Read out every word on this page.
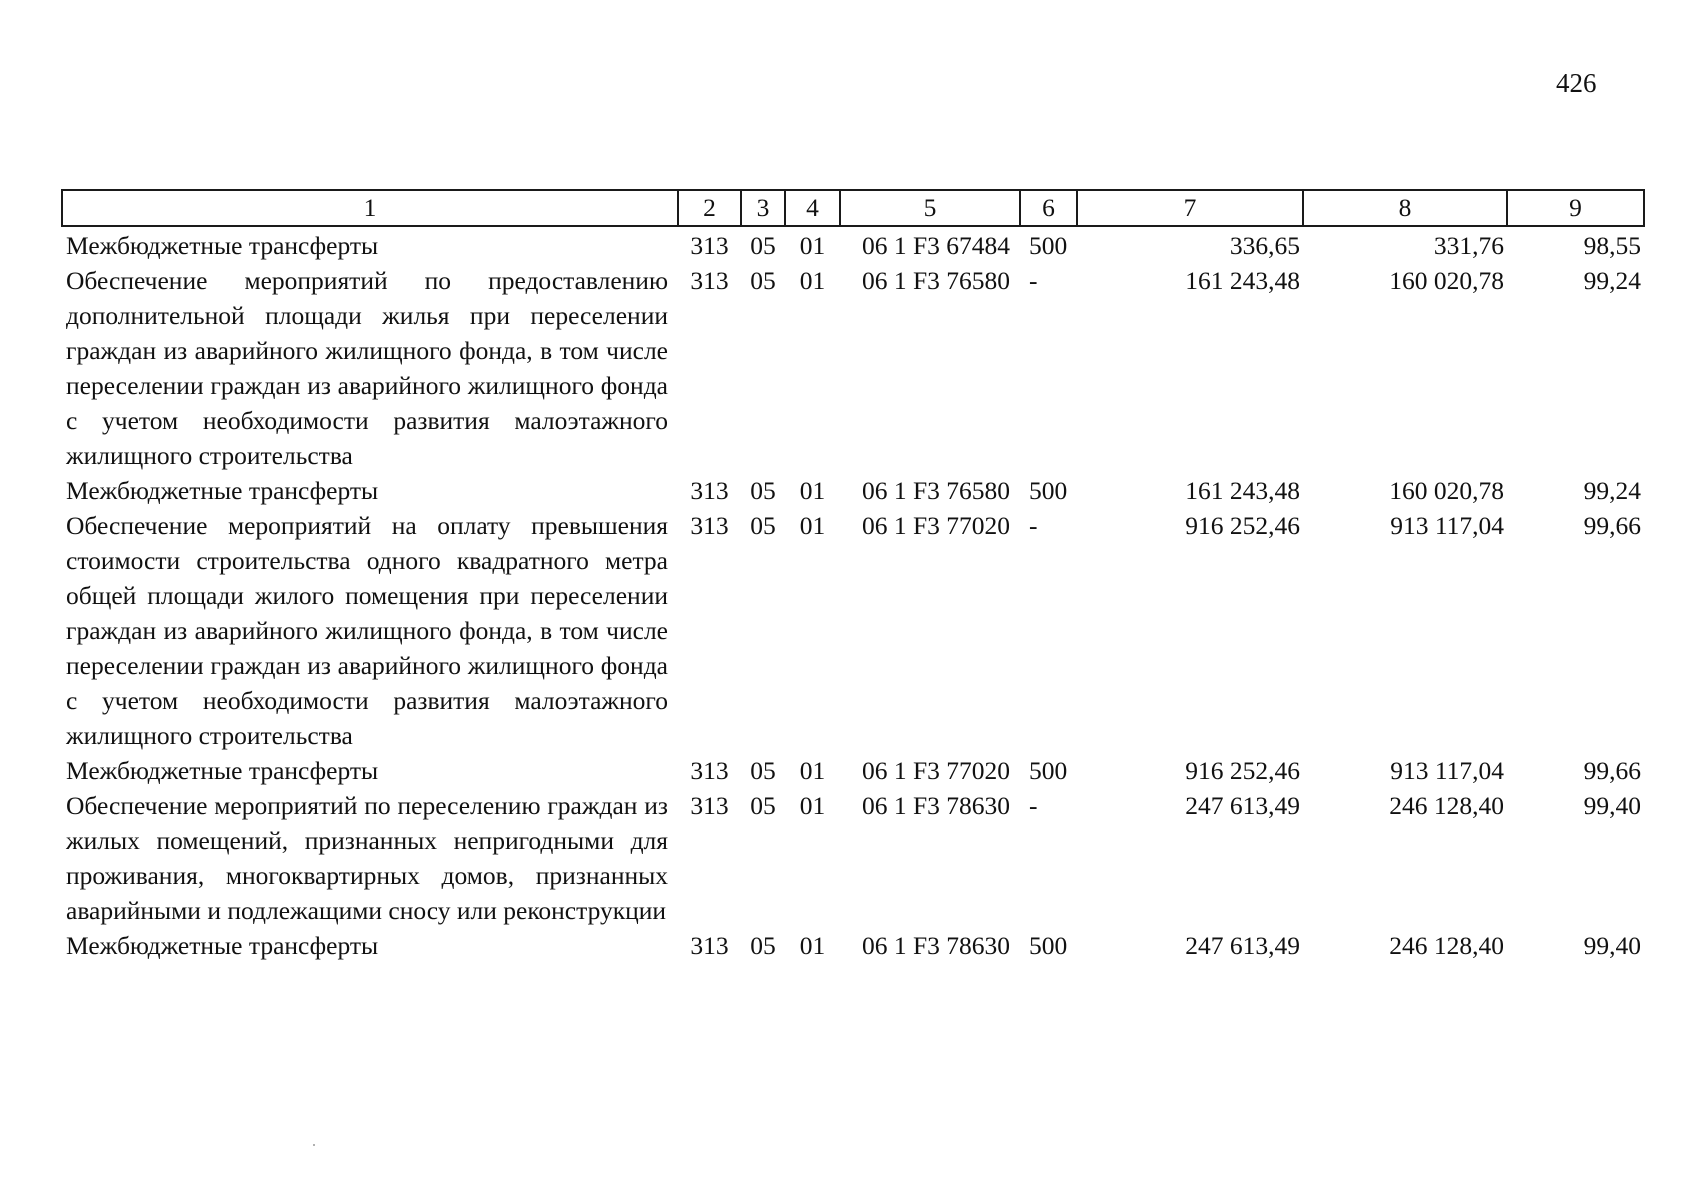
426
1	2	3	4	5	6	7	8	9
Межбюджетные трансферты	313	05	01	06 1 F3 67484	500	336,65	331,76	98,55
Обеспечение мероприятий по предоставлению дополнительной площади жилья при переселении граждан из аварийного жилищного фонда, в том числе переселении граждан из аварийного жилищного фонда с учетом необходимости развития малоэтажного жилищного строительства	313	05	01	06 1 F3 76580	-	161 243,48	160 020,78	99,24
Межбюджетные трансферты	313	05	01	06 1 F3 76580	500	161 243,48	160 020,78	99,24
Обеспечение мероприятий на оплату превышения стоимости строительства одного квадратного метра общей площади жилого помещения при переселении граждан из аварийного жилищного фонда, в том числе переселении граждан из аварийного жилищного фонда с учетом необходимости развития малоэтажного жилищного строительства	313	05	01	06 1 F3 77020	-	916 252,46	913 117,04	99,66
Межбюджетные трансферты	313	05	01	06 1 F3 77020	500	916 252,46	913 117,04	99,66
Обеспечение мероприятий по переселению граждан из жилых помещений, признанных непригодными для проживания, многоквартирных домов, признанных аварийными и подлежащими сносу или реконструкции	313	05	01	06 1 F3 78630	-	247 613,49	246 128,40	99,40
Межбюджетные трансферты	313	05	01	06 1 F3 78630	500	247 613,49	246 128,40	99,40
